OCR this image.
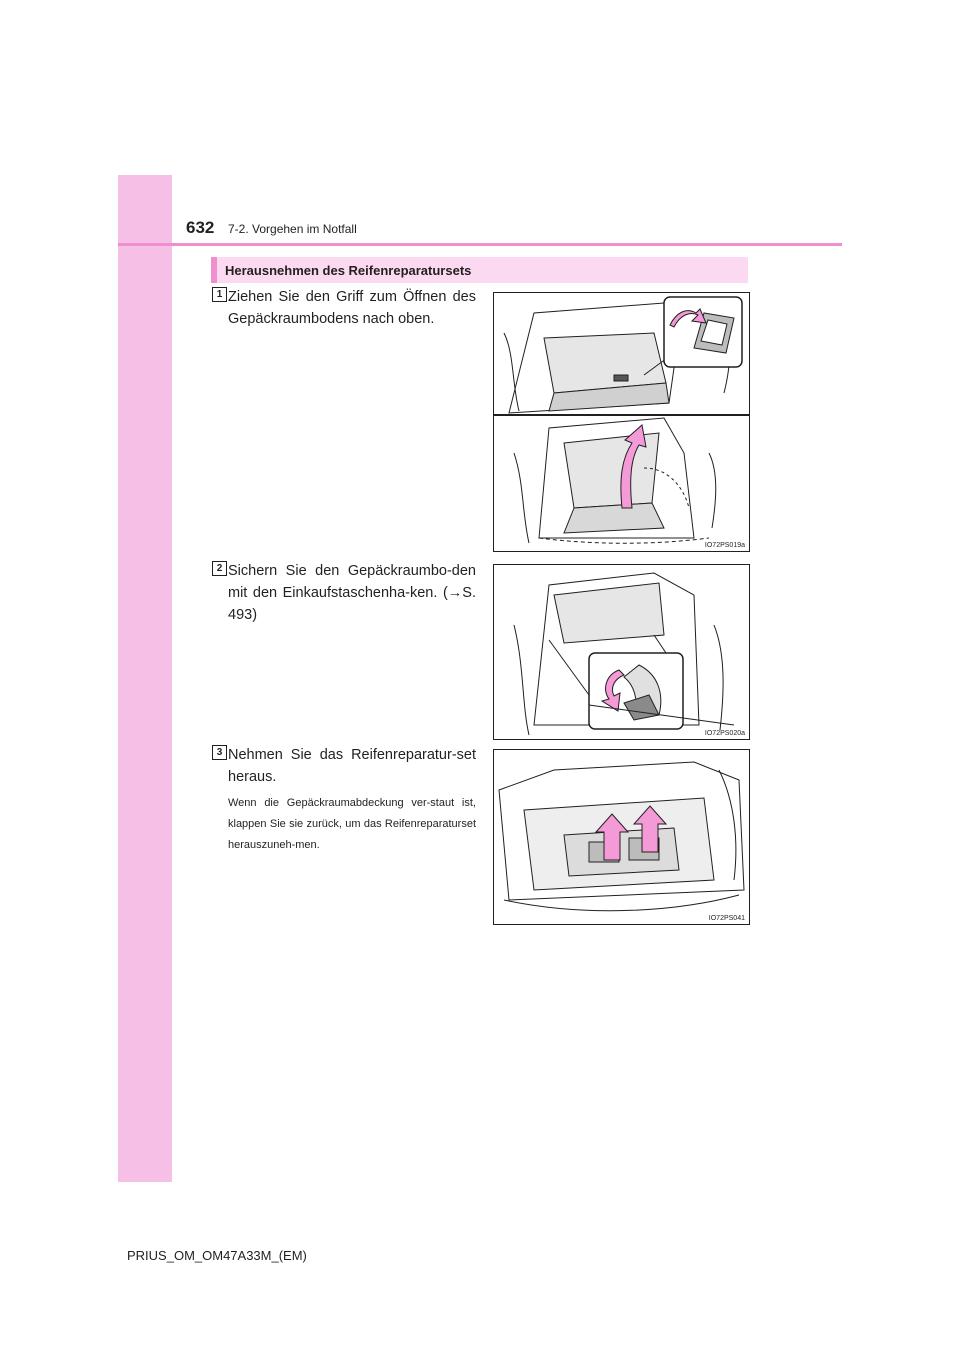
632 7-2. Vorgehen im Notfall
Herausnehmen des Reifenreparatursets
1 Ziehen Sie den Griff zum Öffnen des Gepäckraumbodens nach oben.
IO72PS019a
2 Sichern Sie den Gepäckraumbo-den mit den Einkaufstaschenha-ken. (→S. 493)
IO72PS020a
3 Nehmen Sie das Reifenreparatur-set heraus.
Wenn die Gepäckraumabdeckung ver-staut ist, klappen Sie sie zurück, um das Reifenreparaturset herauszuneh-men.
IO72PS041
PRIUS_OM_OM47A33M_(EM)
